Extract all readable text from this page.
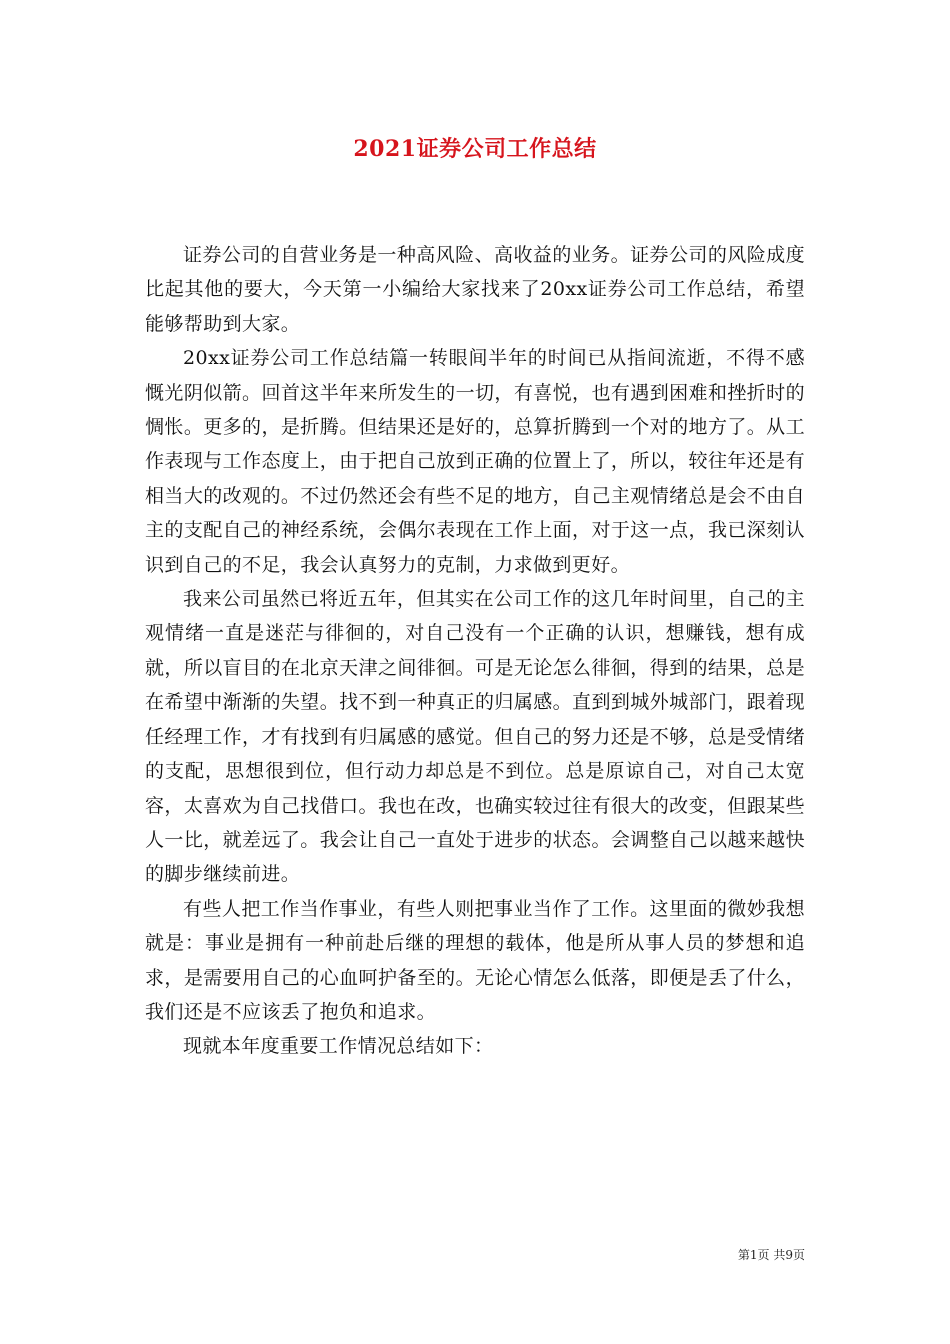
2021证券公司工作总结

证券公司的自营业务是一种高风险、高收益的业务。证券公司的风险成度比起其他的要大，今天第一小编给大家找来了20xx证券公司工作总结，希望能够帮助到大家。

20xx证券公司工作总结篇一转眼间半年的时间已从指间流逝，不得不感慨光阴似箭。回首这半年来所发生的一切，有喜悦，也有遇到困难和挫折时的惆怅。更多的，是折腾。但结果还是好的，总算折腾到一个对的地方了。从工作表现与工作态度上，由于把自己放到正确的位置上了，所以，较往年还是有相当大的改观的。不过仍然还会有些不足的地方，自己主观情绪总是会不由自主的支配自己的神经系统，会偶尔表现在工作上面，对于这一点，我已深刻认识到自己的不足，我会认真努力的克制，力求做到更好。

我来公司虽然已将近五年，但其实在公司工作的这几年时间里，自己的主观情绪一直是迷茫与徘徊的，对自己没有一个正确的认识，想赚钱，想有成就，所以盲目的在北京天津之间徘徊。可是无论怎么徘徊，得到的结果，总是在希望中渐渐的失望。找不到一种真正的归属感。直到到城外城部门，跟着现任经理工作，才有找到有归属感的感觉。但自己的努力还是不够，总是受情绪的支配，思想很到位，但行动力却总是不到位。总是原谅自己，对自己太宽容，太喜欢为自己找借口。我也在改，也确实较过往有很大的改变，但跟某些人一比，就差远了。我会让自己一直处于进步的状态。会调整自己以越来越快的脚步继续前进。

有些人把工作当作事业，有些人则把事业当作了工作。这里面的微妙我想就是：事业是拥有一种前赴后继的理想的载体，他是所从事人员的梦想和追求，是需要用自己的心血呵护备至的。无论心情怎么低落，即便是丢了什么，我们还是不应该丢了抱负和追求。

现就本年度重要工作情况总结如下：

第1页 共9页
